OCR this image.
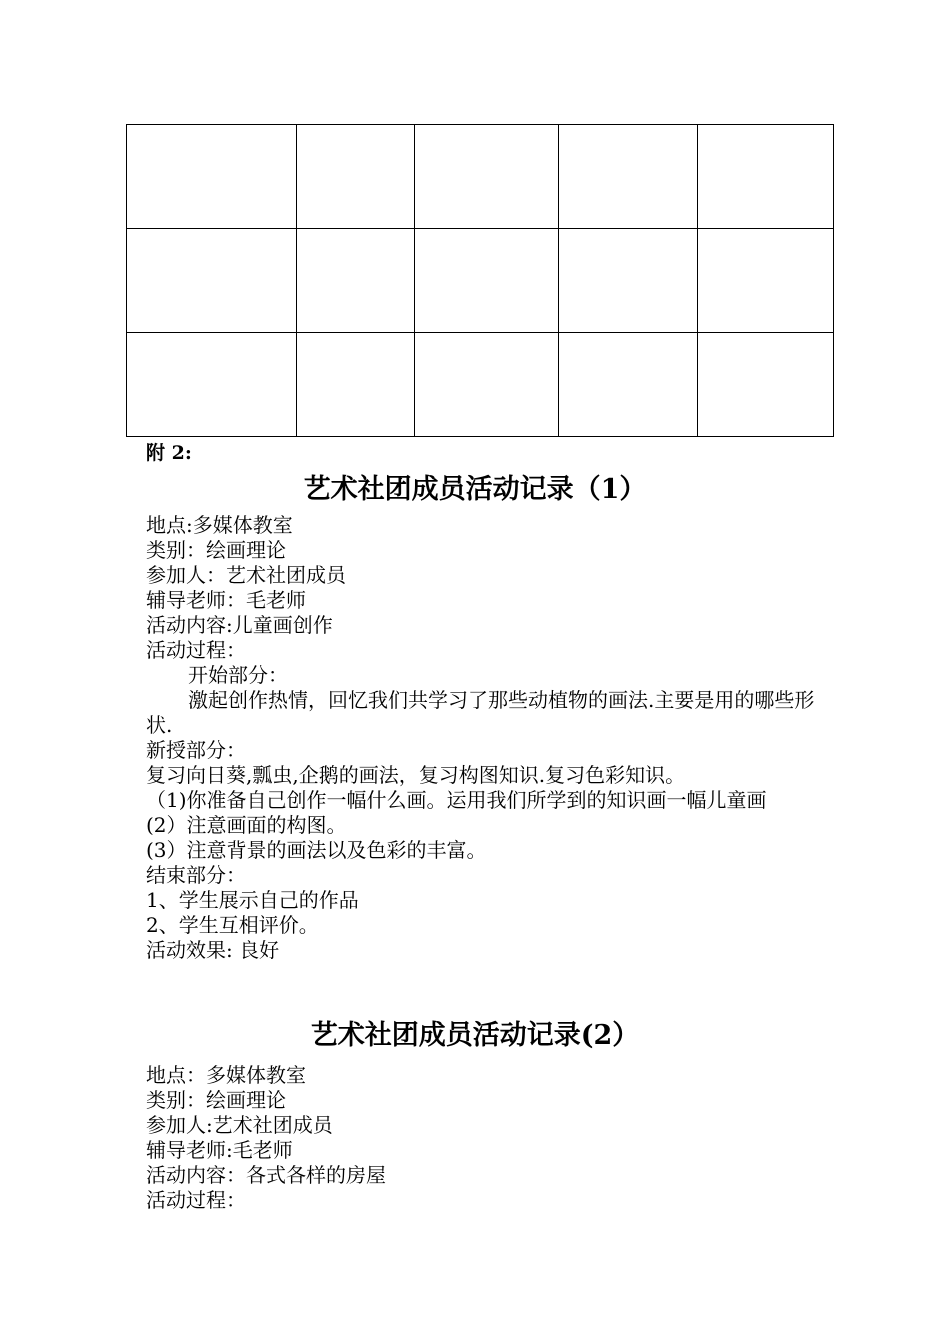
附 2:
艺术社团成员活动记录（1）
地点:多媒体教室
类别：绘画理论
参加人：艺术社团成员
辅导老师：毛老师
活动内容:儿童画创作
活动过程：
开始部分：
激起创作热情，回忆我们共学习了那些动植物的画法.主要是用的哪些形状.
新授部分：
复习向日葵,瓢虫,企鹅的画法，复习构图知识.复习色彩知识。
（1)你准备自己创作一幅什么画。运用我们所学到的知识画一幅儿童画
(2）注意画面的构图。
(3）注意背景的画法以及色彩的丰富。
结束部分：
1、学生展示自己的作品
2、学生互相评价。
活动效果: 良好
艺术社团成员活动记录(2）
地点：多媒体教室
类别：绘画理论
参加人:艺术社团成员
辅导老师:毛老师
活动内容：各式各样的房屋
活动过程：
